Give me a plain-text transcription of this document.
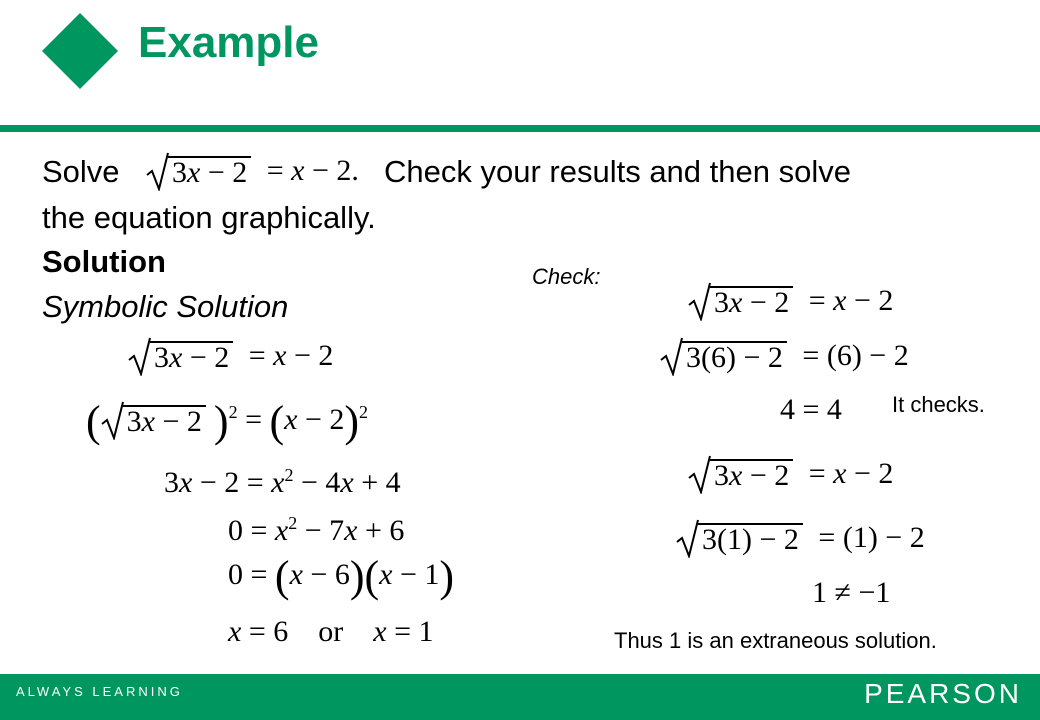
Example
Solve	3x − 2 = x − 2. Check your results and then solve
the equation graphically.
Solution
Symbolic Solution
3x − 2 = x − 2
( 3x − 2 )$^2 = (x - 2)^2$
$3x - 2 = x^2 - 4x + 4$
$0 = x^2 - 7x + 6$
0 = (x − 6)(x − 1)
x = 6    or    x = 1
Check:
3x − 2 = x − 2
3(6) − 2 = (6) − 2
4 = 4 It checks.
3x − 2 = x − 2
3(1) − 2 = (1) − 2
1 ≠ −1
Thus 1 is an extraneous solution.
ALWAYS LEARNING	PEARSON
